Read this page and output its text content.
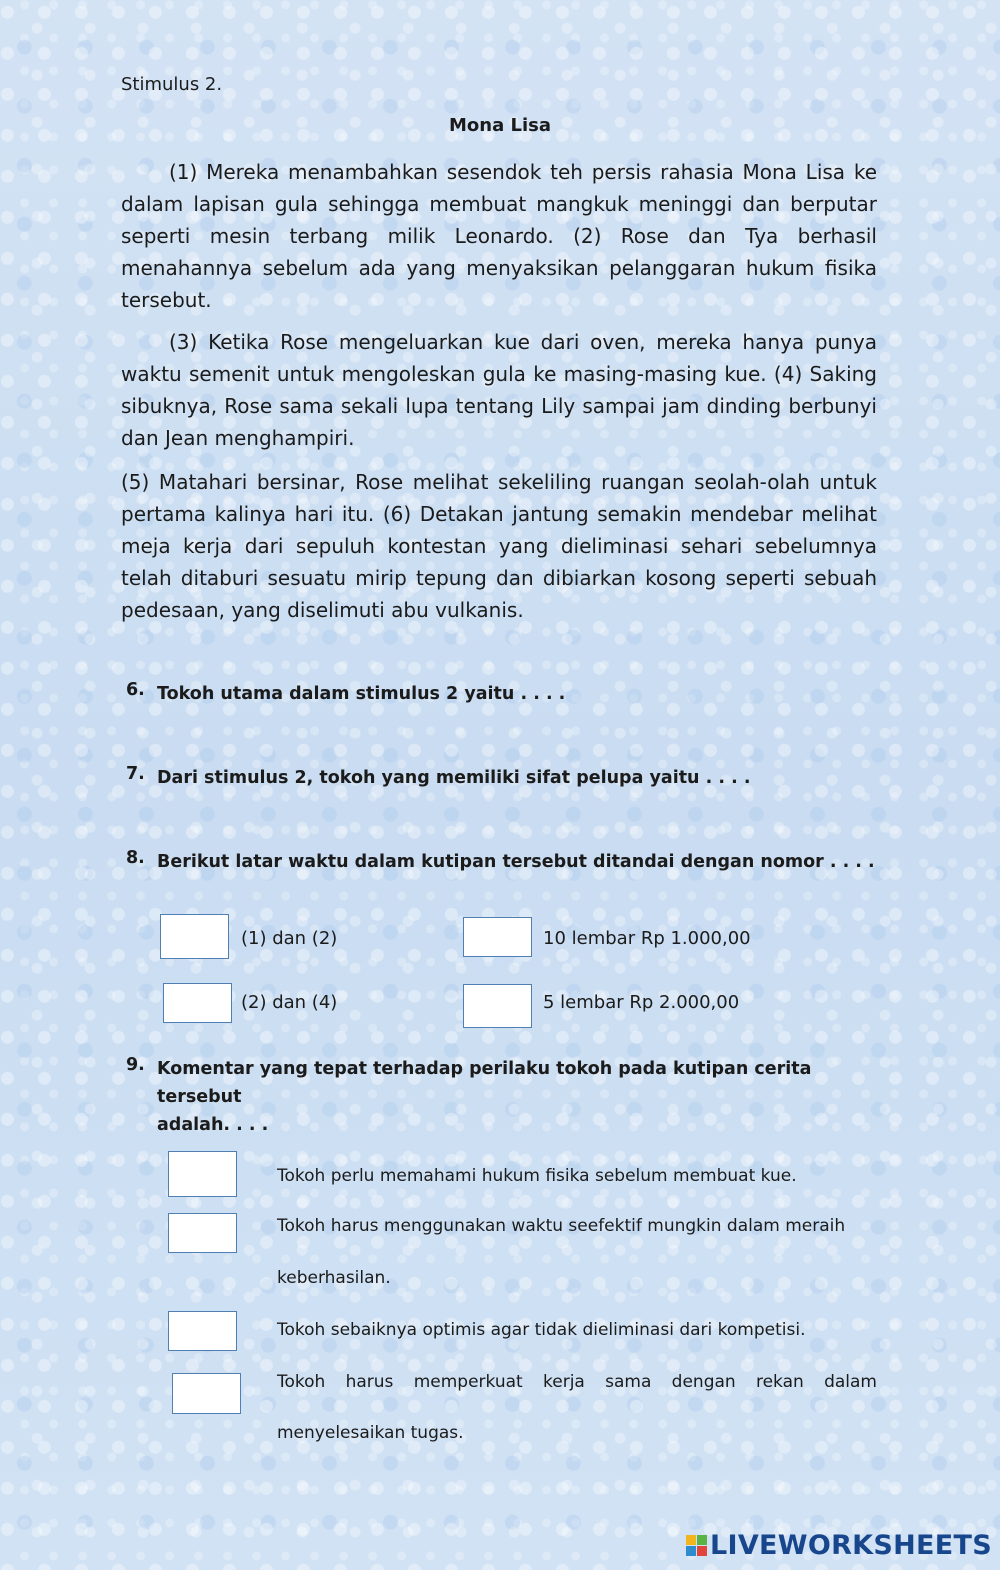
Stimulus 2.
Mona Lisa

(1) Mereka menambahkan sesendok teh persis rahasia Mona Lisa ke dalam lapisan gula sehingga membuat mangkuk meninggi dan berputar seperti mesin terbang milik Leonardo. (2) Rose dan Tya berhasil menahannya sebelum ada yang menyaksikan pelanggaran hukum fisika tersebut.

(3) Ketika Rose mengeluarkan kue dari oven, mereka hanya punya waktu semenit untuk mengoleskan gula ke masing-masing kue. (4) Saking sibuknya, Rose sama sekali lupa tentang Lily sampai jam dinding berbunyi dan Jean menghampiri.

(5) Matahari bersinar, Rose melihat sekeliling ruangan seolah-olah untuk pertama kalinya hari itu. (6) Detakan jantung semakin mendebar melihat meja kerja dari sepuluh kontestan yang dieliminasi sehari sebelumnya telah ditaburi sesuatu mirip tepung dan dibiarkan kosong seperti sebuah pedesaan, yang diselimuti abu vulkanis.

6. Tokoh utama dalam stimulus 2 yaitu . . . .
7. Dari stimulus 2, tokoh yang memiliki sifat pelupa yaitu . . . .
8. Berikut latar waktu dalam kutipan tersebut ditandai dengan nomor . . . .
(1) dan (2)	10 lembar Rp 1.000,00
(2) dan (4)	5 lembar Rp 2.000,00
9. Komentar yang tepat terhadap perilaku tokoh pada kutipan cerita tersebut
adalah. . . .
Tokoh perlu memahami hukum fisika sebelum membuat kue.
Tokoh harus menggunakan waktu seefektif mungkin dalam meraih
keberhasilan.
Tokoh sebaiknya optimis agar tidak dieliminasi dari kompetisi.
Tokoh harus memperkuat kerja sama dengan rekan dalam
menyelesaikan tugas.
LIVEWORKSHEETS
